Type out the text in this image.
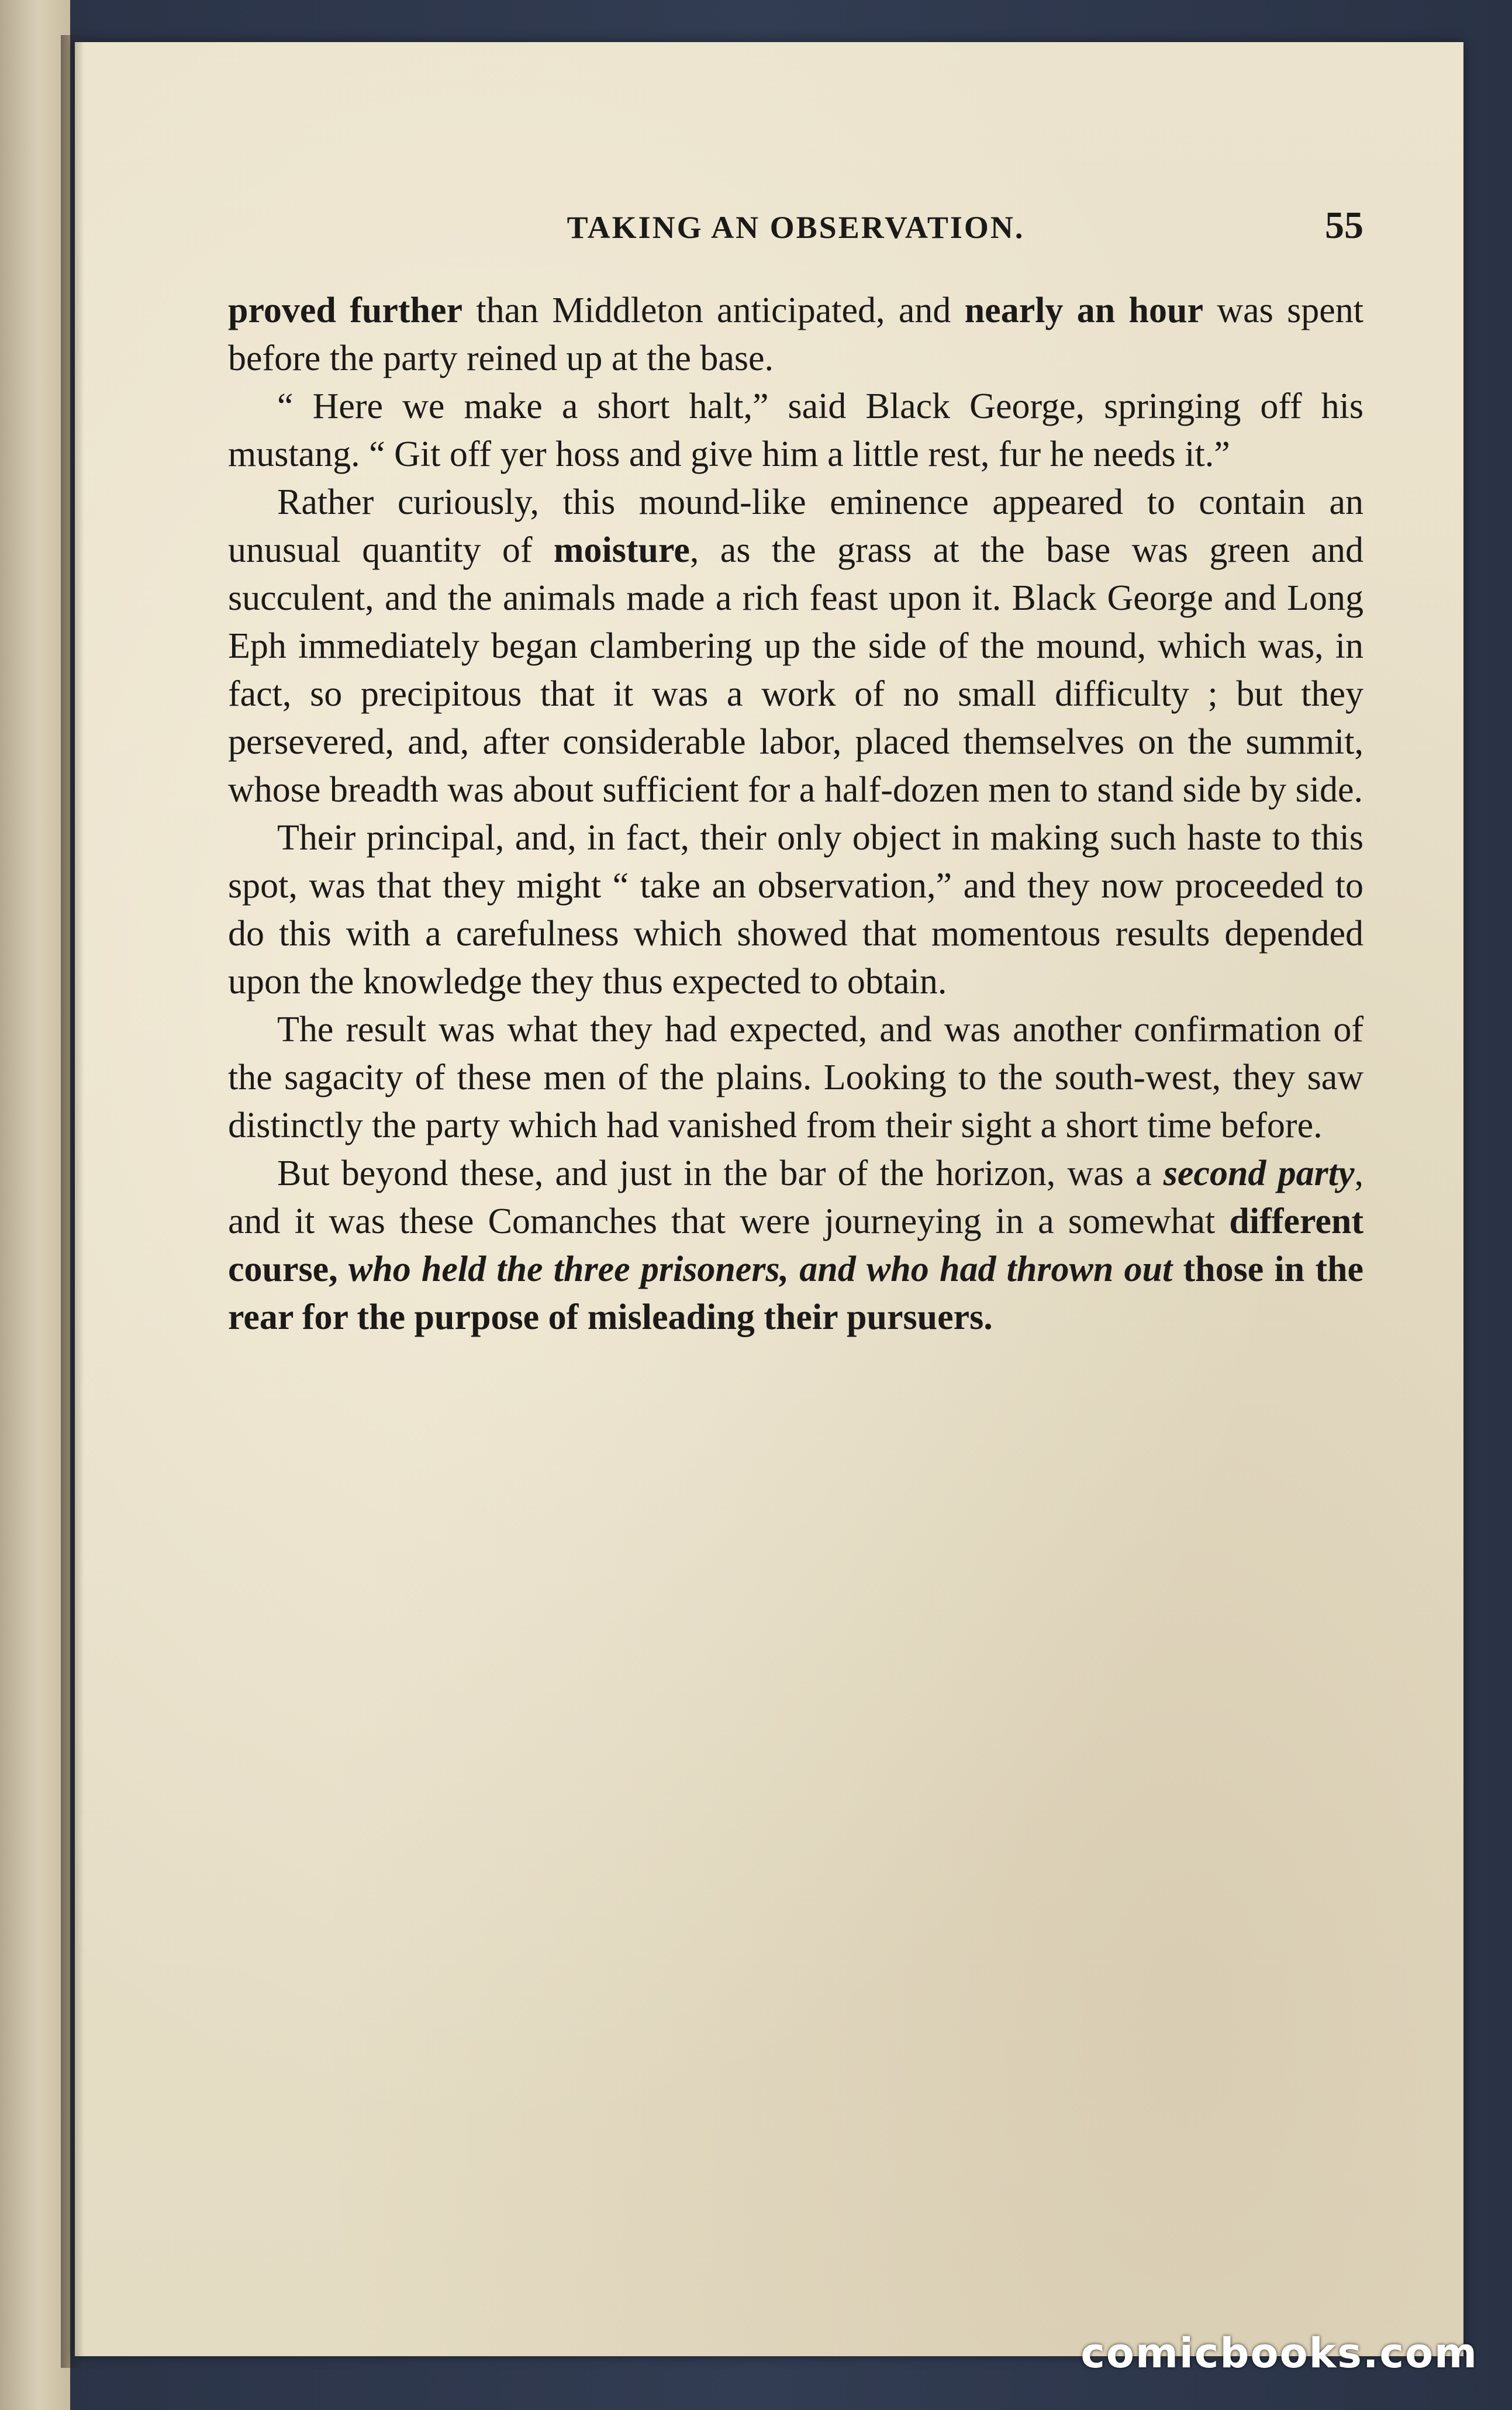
TAKING AN OBSERVATION.	55

proved further than Middleton anticipated, and nearly an hour was spent before the party reined up at the base.

“ Here we make a short halt,” said Black George, springing off his mustang. “ Git off yer hoss and give him a little rest, fur he needs it.”

Rather curiously, this mound-like eminence appeared to contain an unusual quantity of moisture, as the grass at the base was green and succulent, and the animals made a rich feast upon it. Black George and Long Eph immediately began clambering up the side of the mound, which was, in fact, so precipitous that it was a work of no small difficulty ; but they persevered, and, after considerable labor, placed themselves on the summit, whose breadth was about sufficient for a half-dozen men to stand side by side.

Their principal, and, in fact, their only object in making such haste to this spot, was that they might “ take an observation,” and they now proceeded to do this with a carefulness which showed that momentous results depended upon the knowledge they thus expected to obtain.

The result was what they had expected, and was another confirmation of the sagacity of these men of the plains. Looking to the south-west, they saw distinctly the party which had vanished from their sight a short time before.

But beyond these, and just in the bar of the horizon, was a second party, and it was these Comanches that were journeying in a somewhat different course, who held the three prisoners, and who had thrown out those in the rear for the purpose of misleading their pursuers.

comicbooks.com
